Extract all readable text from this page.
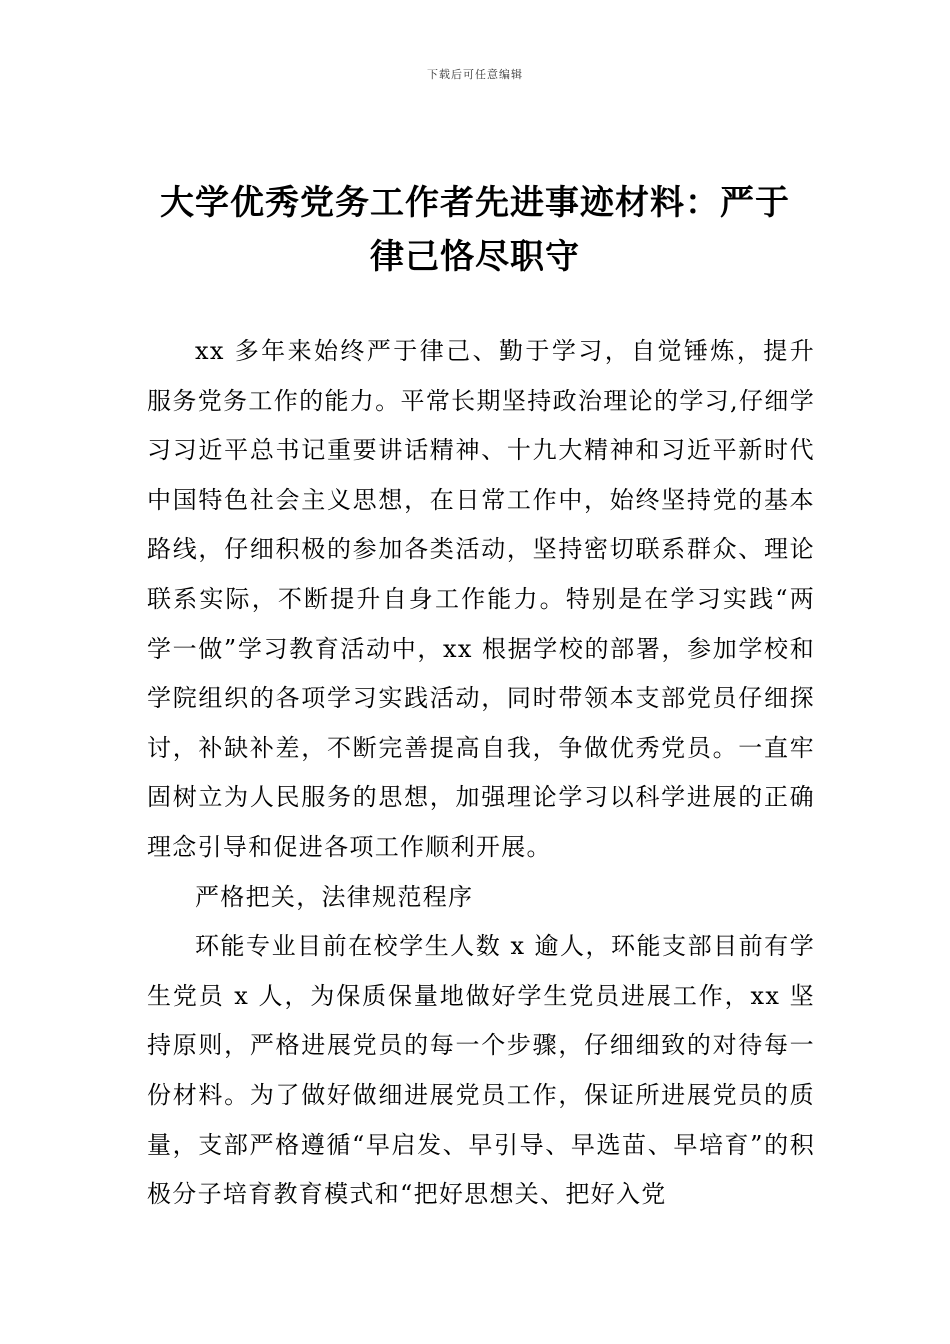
下载后可任意编辑
大学优秀党务工作者先进事迹材料：严于
律己恪尽职守

xx 多年来始终严于律己、勤于学习，自觉锤炼，提升服务党务工作的能力。平常长期坚持政治理论的学习,仔细学习习近平总书记重要讲话精神、十九大精神和习近平新时代中国特色社会主义思想，在日常工作中，始终坚持党的基本路线，仔细积极的参加各类活动，坚持密切联系群众、理论联系实际，不断提升自身工作能力。特别是在学习实践“两学一做”学习教育活动中，xx 根据学校的部署，参加学校和学院组织的各项学习实践活动，同时带领本支部党员仔细探讨，补缺补差，不断完善提高自我，争做优秀党员。一直牢固树立为人民服务的思想，加强理论学习以科学进展的正确理念引导和促进各项工作顺利开展。

严格把关，法律规范程序

环能专业目前在校学生人数 x 逾人，环能支部目前有学生党员 x 人，为保质保量地做好学生党员进展工作，xx 坚持原则，严格进展党员的每一个步骤，仔细细致的对待每一份材料。为了做好做细进展党员工作，保证所进展党员的质量，支部严格遵循“早启发、早引导、早选苗、早培育”的积极分子培育教育模式和“把好思想关、把好入党
